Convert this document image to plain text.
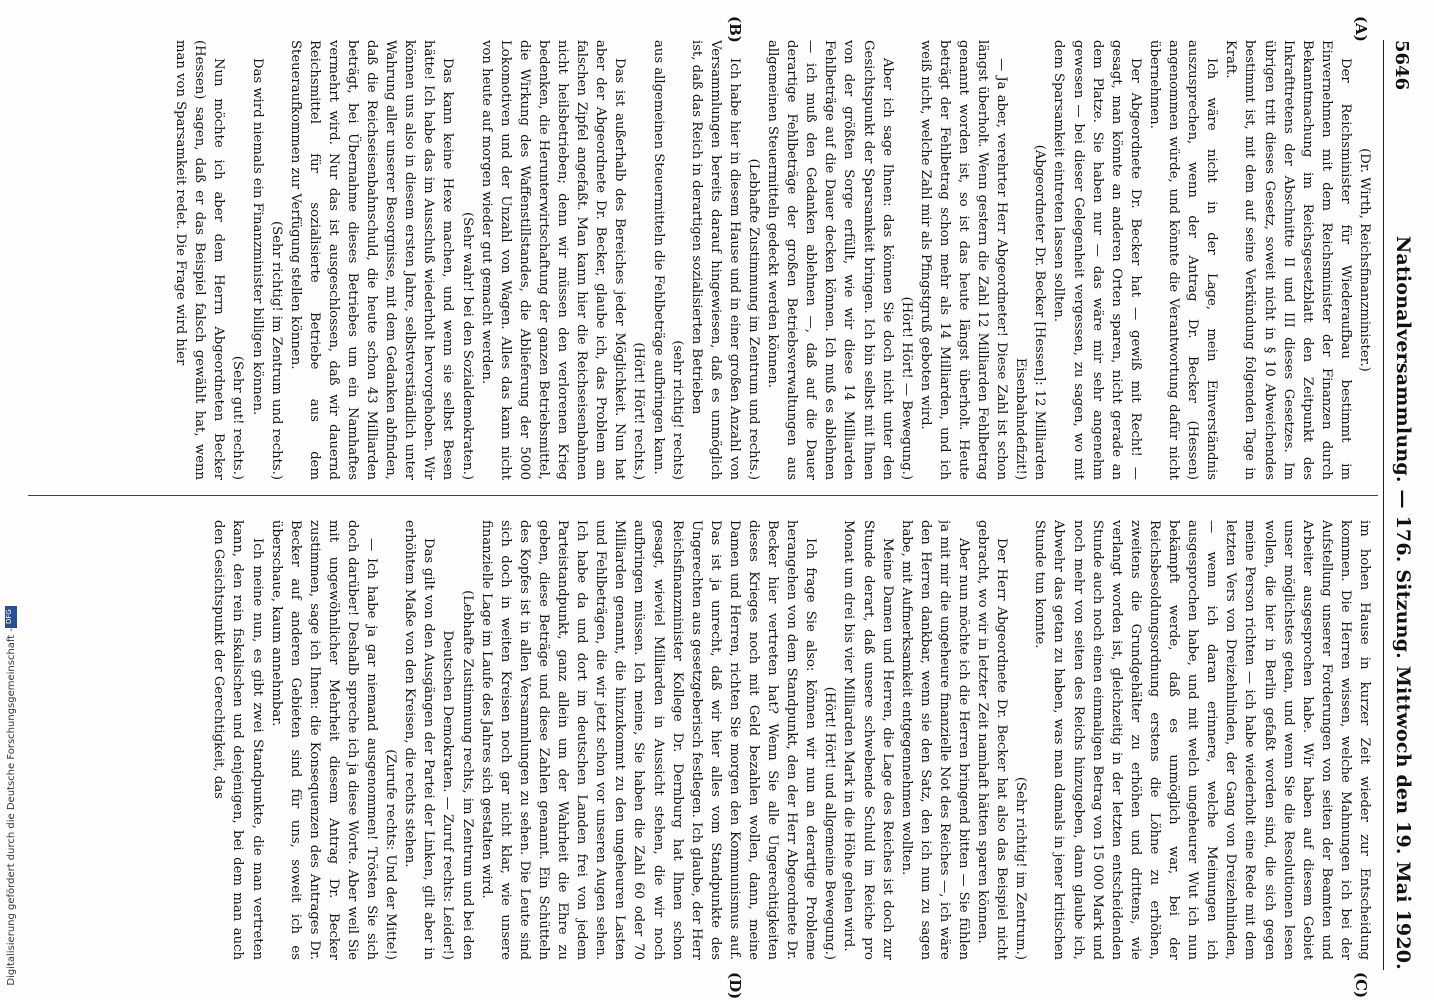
DFG
Digitalisierung gefördert durch die Deutsche Forschungsgemeinschaft -
5646
Nationalversammlung. — 176. Sitzung. Mittwoch den 19. Mai 1920.
(A)
(B)
(C)
(D)

(Dr. Wirth, Reichsfinanzminister.)

Der Reichsminister für Wiederaufbau bestimmt im Einvernehmen mit dem Reichsminister der Finanzen durch Bekanntmachung im Reichsgesetzblatt den Zeitpunkt des Inkrafttretens der Abschnitte II und III dieses Gesetzes. Im übrigen tritt dieses Gesetz, soweit nicht in § 10 Abweichendes bestimmt ist, mit dem auf seine Verkündung folgenden Tage in Kraft.

Ich wäre nicht in der Lage, mein Einverständnis auszusprechen, wenn der Antrag Dr. Becker (Hessen) angenommen würde, und könnte die Verantwortung dafür nicht übernehmen.

Der Abgeordnete Dr. Becker hat — gewiß mit Recht! — gesagt, man könnte an anderen Orten sparen, nicht gerade an dem Platze. Sie haben nur — das wäre mir sehr angenehm gewesen — bei dieser Gelegenheit vergessen, zu sagen, wo mit dem Sparsamkeit eintreten lassen sollten.

(Abgeordneter Dr. Becker [Hessen]: 12 Milliarden Eisenbahndefizit!)

— Ja aber, verehrter Herr Abgeordneter! Diese Zahl ist schon längst überholt. Wenn gestern die Zahl 12 Milliarden Fehlbetrag genannt worden ist, so ist das heute längst überholt. Heute beträgt der Fehlbetrag schon mehr als 14 Milliarden, und ich weiß nicht, welche Zahl mir als Pfingstgruß geboten wird.

(Hört! Hört! — Bewegung.)

Aber ich sage Ihnen: das können Sie doch nicht unter den Gesichtspunkt der Sparsamkeit bringen. Ich bin selbst mit Ihnen von der größten Sorge erfüllt, wie wir diese 14 Milliarden Fehlbeträge auf die Dauer decken können. Ich muß es ablehnen — ich muß den Gedanken ablehnen —, daß auf die Dauer derartige Fehlbeträge der großen Betriebsverwaltungen aus allgemeinen Steuermitteln gedeckt werden können.

(Lebhafte Zustimmung im Zentrum und rechts.)

Ich habe hier in diesem Hause und in einer großen Anzahl von Versammlungen bereits darauf hingewiesen, daß es unmöglich ist, daß das Reich in derartigen sozialisierten Betrieben

(sehr richtig! rechts)

aus allgemeinen Steuermitteln die Fehlbeträge aufbringen kann.

(Hört! Hört! rechts.)

Das ist außerhalb des Bereiches jeder Möglichkeit. Nun hat aber der Abgeordnete Dr. Becker, glaube ich, das Problem am falschen Zipfel angefaßt. Man kann hier die Reichseisenbahnen nicht heilsbetrieben; denn wir müssen den verlorenen Krieg bedenken, die Herunterwirtschaftung der ganzen Betriebsmittel, die Wirkung des Waffenstillstandes, die Ablieferung der 5000 Lokomotiven und der Unzahl von Wagen. Alles das kann nicht von heute auf morgen wieder gut gemacht werden.

(Sehr wahr! bei den Sozialdemokraten.)

Das kann keine Hexe machen, und wenn sie selbst Besen hätte! Ich habe das im Ausschuß wiederholt hervorgehoben. Wir können uns also in diesem ersten Jahre, selbstverständlich unter Wahrung aller unserer Besorgnisse, mit dem Gedanken abfinden, daß die Reichseisenbahnschuld, die heute schon 43 Milliarden beträgt, bei Übernahme dieses Betriebes um ein Namhaftes vermehrt wird. Nur das ist ausgeschlossen, daß wir dauernd Reichsmittel für sozialisierte Betriebe aus dem Steueraufkommen zur Verfügung stellen können.

(Sehr richtig! im Zentrum und rechts.)

Das wird niemals ein Finanzminister billigen können.

(Sehr gut! rechts.)

Nun möchte ich aber dem Herrn Abgeordneten Becker (Hessen) sagen, daß er das Beispiel falsch gewählt hat, wenn man von Sparsamkeit redet. Die Frage wird hier

im hohen Hause in kurzer Zeit wieder zur Entscheidung kommen. Die Herren wissen, welche Mahnungen ich bei der Aufstellung unserer Forderungen von seiten der Beamten und Arbeiter ausgesprochen habe. Wir haben auf diesem Gebiet unser möglichstes getan, und wenn Sie die Resolutionen lesen wollen, die hier in Berlin gefaßt worden sind, die sich gegen meine Person richten — ich habe wiederholt eine Rede mit dem letzten Vers von Dreizehnlinden, der Gang von Dreizehnlinden, — wenn ich daran erinnere, welche Meinungen ich ausgesprochen habe, und mit welch ungeheurer Wut ich nun bekämpft werde, daß es unmöglich war, bei der Reichsbesoldungsordnung erstens die Löhne zu erhöhen, zweitens die Grundgehälter zu erhöhen und drittens, wie verlangt worden ist, gleichzeitig in der letzten entscheidenden Stunde auch noch einen einmaligen Betrag von 15 000 Mark und noch mehr von seiten des Reichs hinzugeben, dann glaube ich, Abwehr das getan zu haben, was man damals in jener kritischen Stunde tun konnte.

(Sehr richtig! im Zentrum.)

Der Herr Abgeordnete Dr. Becker hat also das Beispiel nicht gebracht, wo wir in letzter Zeit namhaft hätten sparen können.

Aber nun möchte ich die Herren bringend bitten — Sie fühlen ja mit mir die ungeheure finanzielle Not des Reiches —, ich wäre den Herren dankbar, wenn sie den Satz, den ich nun zu sagen habe, mit Aufmerksamkeit entgegennehmen wollten.

Meine Damen und Herren, die Lage des Reiches ist doch zur Stunde derart, daß unsere schwebende Schuld im Reiche pro Monat um drei bis vier Milliarden Mark in die Höhe gehen wird.

(Hört! Hört! und allgemeine Bewegung.)

Ich frage Sie also: können wir nun an derartige Probleme herangehen von dem Standpunkt, den der Herr Abgeordnete Dr. Becker hier vertreten hat? Wenn Sie alle Ungerechtigkeiten dieses Krieges noch mit Geld bezahlen wollen, dann, meine Damen und Herren, richten Sie morgen den Kommunismus auf. Das ist ja unrecht, daß wir hier alles vom Standpunkte des Ungerechten aus gesetzgeberisch festlegen. Ich glaube, der Herr Reichsfinanzminister Kollege Dr. Dernburg hat Ihnen schon gesagt, wieviel Milliarden in Aussicht stehen, die wir noch aufbringen müssen. Ich meine, Sie haben die Zahl 60 oder 70 Milliarden genannt, die hinzukommt zu den ungeheuren Lasten und Fehlbeträgen, die wir jetzt schon vor unseren Augen sehen. Ich habe da und dort im deutschen Landen frei von jedem Parteistandpunkt, ganz allein um der Wahrheit die Ehre zu geben, diese Beträge und diese Zahlen genannt. Ein Schütteln des Kopfes ist in allen Versammlungen zu sehen. Die Leute sind sich doch in weiten Kreisen noch gar nicht klar, wie unsere finanzielle Lage im Laufe des Jahres sich gestalten wird.

(Lebhafte Zustimmung rechts, im Zentrum und bei den Deutschen Demokraten. — Zuruf rechts: Leider!)

Das gilt von den Ausgängen der Partei der Linken, gilt aber in erhöhtem Maße von den Kreisen, die rechts stehen.

(Zurufe rechts: Und der Mitte!)

— Ich habe ja gar niemand ausgenommen! Trösten Sie sich doch darüber! Deshalb spreche ich ja diese Worte. Aber weil Sie mit ungewöhnlicher Mehrheit diesem Antrag Dr. Becker zustimmen, sage ich Ihnen: die Konsequenzen des Antrages Dr. Becker auf anderen Gebieten sind für uns, soweit ich es überschaue, kaum annehmbar.

Ich meine nun, es gibt zwei Standpunkte, die man vertreten kann, den rein fiskalischen und denjenigen, bei dem man auch den Gesichtspunkt der Gerechtigkeit, das
